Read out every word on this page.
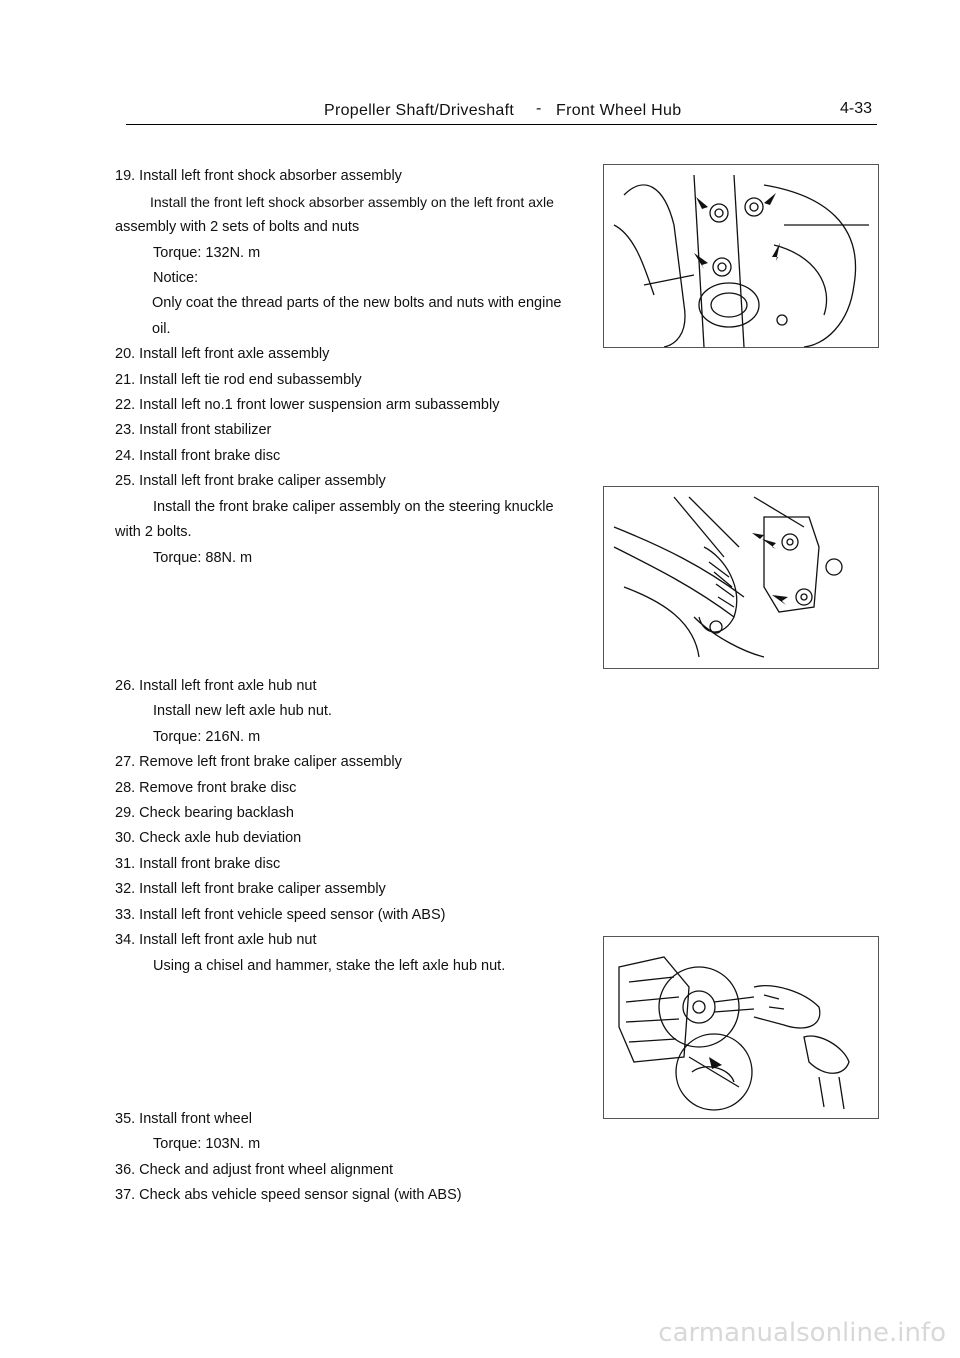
Propeller Shaft/Driveshaft - Front Wheel Hub	4-33
19. Install left front shock absorber assembly
Install the front left shock absorber assembly on the left front axle
assembly with 2 sets of bolts and nuts
Torque: 132N. m
Notice:
Only coat the thread parts of the new bolts and nuts with engine
oil.
20. Install left front axle assembly
21. Install left tie rod end subassembly
22. Install left no.1 front lower suspension arm subassembly
23. Install front stabilizer
24. Install front brake disc
25. Install left front brake caliper assembly
Install the front brake caliper assembly on the steering knuckle
with 2 bolts.
Torque: 88N. m
26. Install left front axle hub nut
Install new left axle hub nut.
Torque: 216N. m
27. Remove left front brake caliper assembly
28. Remove front brake disc
29. Check bearing backlash
30. Check axle hub deviation
31. Install front brake disc
32. Install left front brake caliper assembly
33. Install left front vehicle speed sensor (with ABS)
34. Install left front axle hub nut
Using a chisel and hammer, stake the left axle hub nut.
35. Install front wheel
Torque: 103N. m
36. Check and adjust front wheel alignment
37. Check abs vehicle speed sensor signal (with ABS)
carmanualsonline.info
